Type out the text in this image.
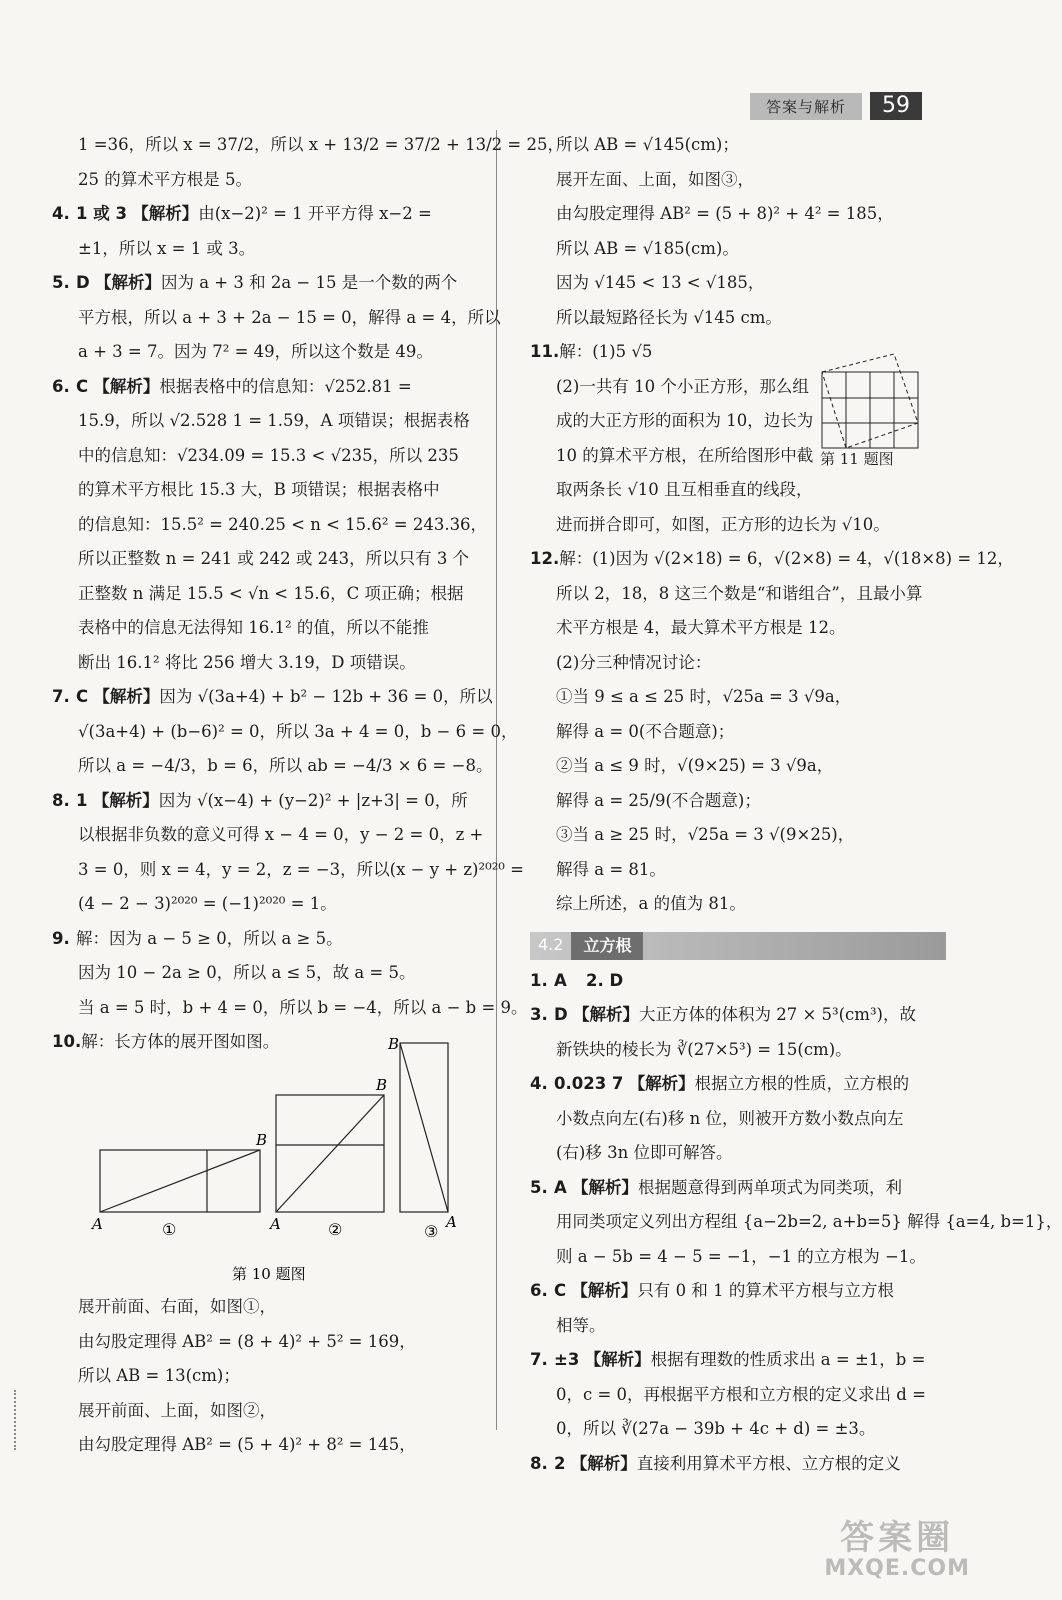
答案与解析	59
1 =36，所以 x = 37/2，所以 x + 13/2 = 37/2 + 13/2 = 25，
25 的算术平方根是 5。
4. 1 或 3 【解析】由(x−2)² = 1 开平方得 x−2 =
±1，所以 x = 1 或 3。
5. D 【解析】因为 a + 3 和 2a − 15 是一个数的两个
平方根，所以 a + 3 + 2a − 15 = 0，解得 a = 4，所以
a + 3 = 7。因为 7² = 49，所以这个数是 49。
6. C 【解析】根据表格中的信息知：√252.81 =
15.9，所以 √2.528 1 = 1.59，A 项错误；根据表格
中的信息知：√234.09 = 15.3 < √235，所以 235
的算术平方根比 15.3 大，B 项错误；根据表格中
的信息知：15.5² = 240.25 < n < 15.6² = 243.36，
所以正整数 n = 241 或 242 或 243，所以只有 3 个
正整数 n 满足 15.5 < √n < 15.6，C 项正确；根据
表格中的信息无法得知 16.1² 的值，所以不能推
断出 16.1² 将比 256 增大 3.19，D 项错误。
7. C 【解析】因为 √(3a+4) + b² − 12b + 36 = 0，所以
√(3a+4) + (b−6)² = 0，所以 3a + 4 = 0，b − 6 = 0，
所以 a = −4/3，b = 6，所以 ab = −4/3 × 6 = −8。
8. 1 【解析】因为 √(x−4) + (y−2)² + |z+3| = 0，所
以根据非负数的意义可得 x − 4 = 0，y − 2 = 0，z +
3 = 0，则 x = 4，y = 2，z = −3，所以(x − y + z)²⁰²⁰ =
(4 − 2 − 3)²⁰²⁰ = (−1)²⁰²⁰ = 1。
9. 解：因为 a − 5 ≥ 0，所以 a ≥ 5。
因为 10 − 2a ≥ 0，所以 a ≤ 5，故 a = 5。
当 a = 5 时，b + 4 = 0，所以 b = −4，所以 a − b = 9。
10.解：长方体的展开图如图。
展开前面、右面，如图①，
由勾股定理得 AB² = (8 + 4)² + 5² = 169，
所以 AB = 13(cm)；
展开前面、上面，如图②，
由勾股定理得 AB² = (5 + 4)² + 8² = 145，
A
B
①	A
B
②
B
A
③
第 10 题图
第 11 题图
所以 AB = √145(cm)；
展开左面、上面，如图③，
由勾股定理得 AB² = (5 + 8)² + 4² = 185，
所以 AB = √185(cm)。
因为 √145 < 13 < √185，
所以最短路径长为 √145 cm。
11.解：(1)5 √5
(2)一共有 10 个小正方形，那么组
成的大正方形的面积为 10，边长为
10 的算术平方根，在所给图形中截
取两条长 √10 且互相垂直的线段，
进而拼合即可，如图，正方形的边长为 √10。
12.解：(1)因为 √(2×18) = 6，√(2×8) = 4，√(18×8) = 12，
所以 2，18，8 这三个数是“和谐组合”，且最小算
术平方根是 4，最大算术平方根是 12。
(2)分三种情况讨论：
①当 9 ≤ a ≤ 25 时，√25a = 3 √9a，
解得 a = 0(不合题意)；
②当 a ≤ 9 时，√(9×25) = 3 √9a，
解得 a = 25/9(不合题意)；
③当 a ≥ 25 时，√25a = 3 √(9×25)，
解得 a = 81。
综上所述，a 的值为 81。
4.2	立方根
1. A 2. D
3. D 【解析】大正方体的体积为 27 × 5³(cm³)，故
新铁块的棱长为 ∛(27×5³) = 15(cm)。
4. 0.023 7 【解析】根据立方根的性质，立方根的
小数点向左(右)移 n 位，则被开方数小数点向左
(右)移 3n 位即可解答。
5. A 【解析】根据题意得到两单项式为同类项，利
用同类项定义列出方程组 {a−2b=2, a+b=5} 解得 {a=4, b=1}，
则 a − 5b = 4 − 5 = −1，−1 的立方根为 −1。
6. C 【解析】只有 0 和 1 的算术平方根与立方根
相等。
7. ±3 【解析】根据有理数的性质求出 a = ±1，b =
0，c = 0，再根据平方根和立方根的定义求出 d =
0，所以 ∛(27a − 39b + 4c + d) = ±3。
8. 2 【解析】直接利用算术平方根、立方根的定义
答案圈
MXQE.COM
